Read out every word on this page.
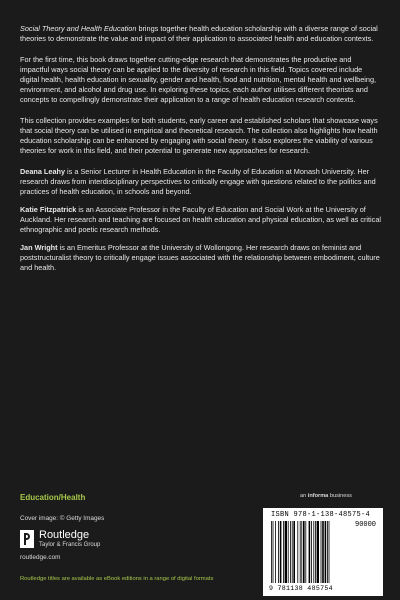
Social Theory and Health Education brings together health education scholarship with a diverse range of social theories to demonstrate the value and impact of their application to associated health and education contexts.

For the first time, this book draws together cutting-edge research that demonstrates the productive and impactful ways social theory can be applied to the diversity of research in this field. Topics covered include digital health, health education in sexuality, gender and health, food and nutrition, mental health and wellbeing, environment, and alcohol and drug use. In exploring these topics, each author utilises different theorists and concepts to compellingly demonstrate their application to a range of health education research contexts.

This collection provides examples for both students, early career and established scholars that showcase ways that social theory can be utilised in empirical and theoretical research. The collection also highlights how health education scholarship can be enhanced by engaging with social theory. It also explores the viability of various theories for work in this field, and their potential to generate new approaches for research.

Deana Leahy is a Senior Lecturer in Health Education in the Faculty of Education at Monash University. Her research draws from interdisciplinary perspectives to critically engage with questions related to the politics and practices of health education, in schools and beyond.

Katie Fitzpatrick is an Associate Professor in the Faculty of Education and Social Work at the University of Auckland. Her research and teaching are focused on health education and physical education, as well as critical ethnographic and poetic research methods.

Jan Wright is an Emeritus Professor at the University of Wollongong. Her research draws on feminist and poststructuralist theory to critically engage issues associated with the relationship between embodiment, culture and health.

Education/Health
Cover image: © Getty Images
Routledge
Taylor & Francis Group
routledge.com
Routledge titles are available as eBook editions in a range of digital formats
an informa business
ISBN 978-1-138-48575-4
90000
9 781138 485754
